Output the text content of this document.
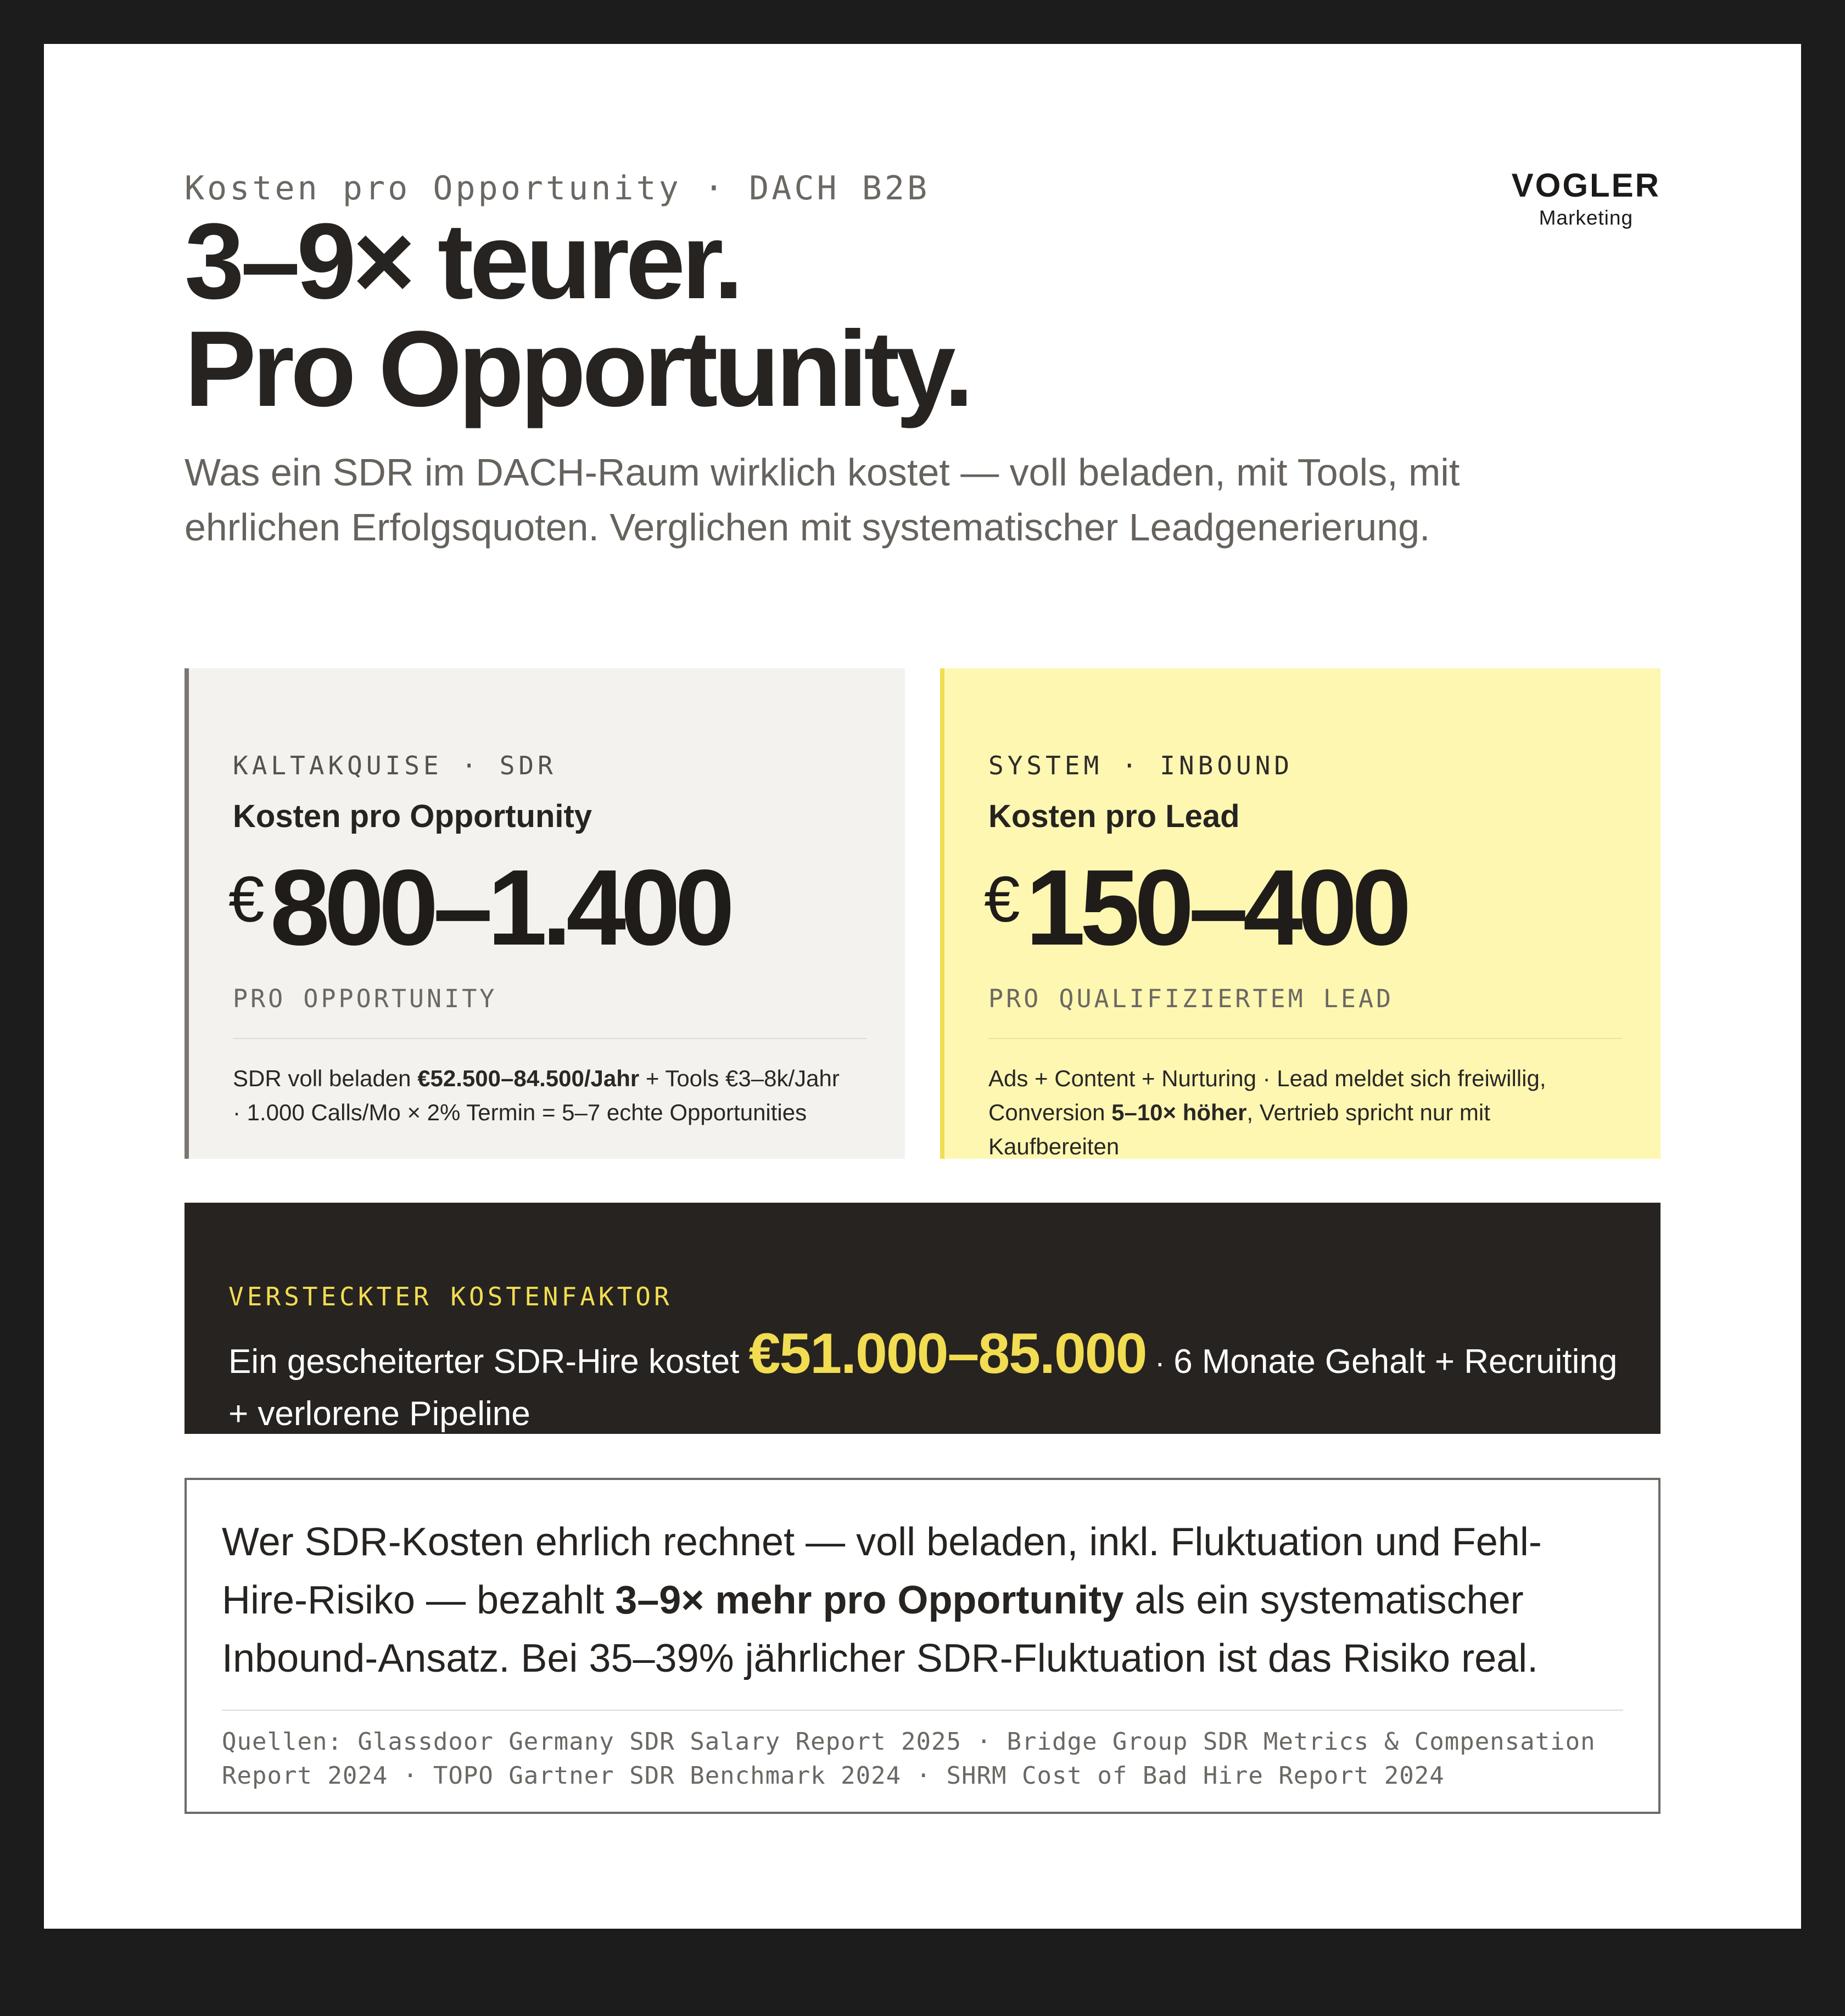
Kosten pro Opportunity · DACH B2B	VOGLER
Marketing
3–9× teurer.
Pro Opportunity.

Was ein SDR im DACH-Raum wirklich kostet — voll beladen, mit Tools, mit ehrlichen Erfolgsquoten. Verglichen mit systematischer Leadgenerierung.

KALTAKQUISE · SDR
Kosten pro Opportunity
€800–1.400
PRO OPPORTUNITY

SDR voll beladen €52.500–84.500/Jahr + Tools €3–8k/Jahr · 1.000 Calls/Mo × 2% Termin = 5–7 echte Opportunities

SYSTEM · INBOUND
Kosten pro Lead
€150–400
PRO QUALIFIZIERTEM LEAD

Ads + Content + Nurturing · Lead meldet sich freiwillig, Conversion 5–10× höher, Vertrieb spricht nur mit Kaufbereiten

VERSTECKTER KOSTENFAKTOR

Ein gescheiterter SDR-Hire kostet €51.000–85.000 · 6 Monate Gehalt + Recruiting + verlorene Pipeline

Wer SDR-Kosten ehrlich rechnet — voll beladen, inkl. Fluktuation und Fehl-Hire-Risiko — bezahlt 3–9× mehr pro Opportunity als ein systematischer Inbound-Ansatz. Bei 35–39% jährlicher SDR-Fluktuation ist das Risiko real.

Quellen: Glassdoor Germany SDR Salary Report 2025 · Bridge Group SDR Metrics & Compensation Report 2024 · TOPO Gartner SDR Benchmark 2024 · SHRM Cost of Bad Hire Report 2024
